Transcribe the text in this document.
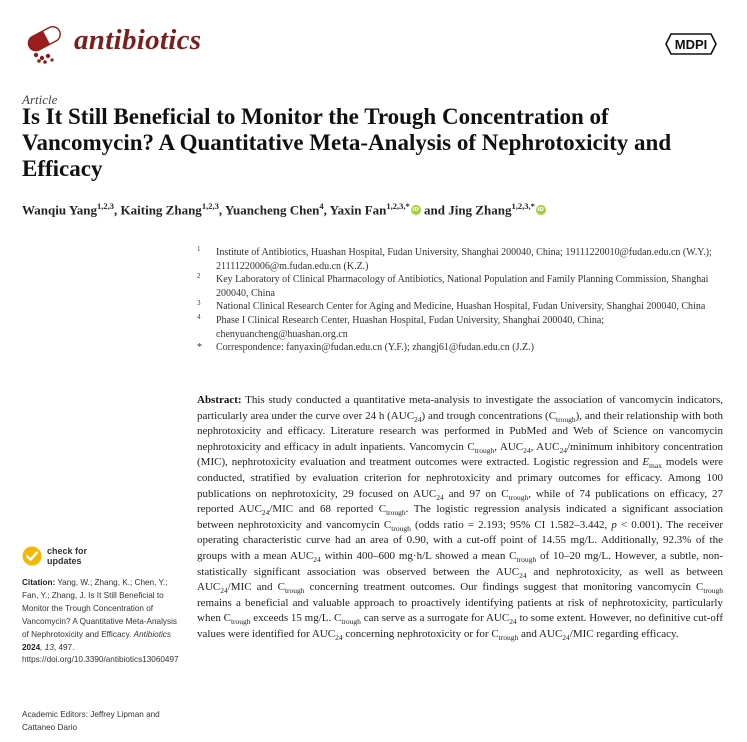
antibiotics	MDPI
Article
Is It Still Beneficial to Monitor the Trough Concentration of Vancomycin? A Quantitative Meta-Analysis of Nephrotoxicity and Efficacy
Wanqiu Yang$^{1,2,3}$, Kaiting Zhang$^{1,2,3}$, Yuancheng Chen$^4$, Yaxin Fan$^{1,2,3,*}$iD and Jing Zhang$^{1,2,3,*}$iD
1 Institute of Antibiotics, Huashan Hospital, Fudan University, Shanghai 200040, China; 19111220010@fudan.edu.cn (W.Y.); 21111220006@m.fudan.edu.cn (K.Z.)
2 Key Laboratory of Clinical Pharmacology of Antibiotics, National Population and Family Planning Commission, Shanghai 200040, China
3 National Clinical Research Center for Aging and Medicine, Huashan Hospital, Fudan University, Shanghai 200040, China
4 Phase I Clinical Research Center, Huashan Hospital, Fudan University, Shanghai 200040, China; chenyuancheng@huashan.org.cn
* Correspondence: fanyaxin@fudan.edu.cn (Y.F.); zhangj61@fudan.edu.cn (J.Z.)
Abstract: This study conducted a quantitative meta-analysis to investigate the association of vancomycin indicators, particularly area under the curve over 24 h $(AUC_{24})$ and trough concentrations $(C_{trough})$, and their relationship with both nephrotoxicity and efficacy. Literature research was performed in PubMed and Web of Science on vancomycin nephrotoxicity and efficacy in adult inpatients. Vancomycin $C_{trough}$, $AUC_{24}$, $AUC_{24}$/minimum inhibitory concentration (MIC), nephrotoxicity evaluation and treatment outcomes were extracted. Logistic regression and $E_{max}$ models were conducted, stratified by evaluation criterion for nephrotoxicity and primary outcomes for efficacy. Among 100 publications on nephrotoxicity, 29 focused on $AUC_{24}$ and 97 on $C_{trough}$, while of 74 publications on efficacy, 27 reported $AUC_{24}$/MIC and 68 reported $C_{trough}$. The logistic regression analysis indicated a significant association between nephrotoxicity and vancomycin $C_{trough}$ (odds ratio = 2.193; 95% CI 1.582–3.442, p < 0.001). The receiver operating characteristic curve had an area of 0.90, with a cut-off point of 14.55 mg/L. Additionally, 92.3% of the groups with a mean $AUC_{24}$ within 400–600 mg·h/L showed a mean $C_{trough}$ of 10–20 mg/L. However, a subtle, non-statistically significant association was observed between the $AUC_{24}$ and nephrotoxicity, as well as between $AUC_{24}$/MIC and $C_{trough}$ concerning treatment outcomes. Our findings suggest that monitoring vancomycin $C_{trough}$ remains a beneficial and valuable approach to proactively identifying patients at risk of nephrotoxicity, particularly when $C_{trough}$ exceeds 15 mg/L. $C_{trough}$ can serve as a surrogate for $AUC_{24}$ to some extent. However, no definitive cut-off values were identified for $AUC_{24}$ concerning nephrotoxicity or for $C_{trough}$ and $AUC_{24}$/MIC regarding efficacy.
check for
updates
Citation: Yang, W.; Zhang, K.; Chen, Y.; Fan, Y.; Zhang, J. Is It Still Beneficial to Monitor the Trough Concentration of Vancomycin? A Quantitative Meta-Analysis of Nephrotoxicity and Efficacy. Antibiotics 2024, 13, 497. https://doi.org/10.3390/antibiotics13060497
Academic Editors: Jeffrey Lipman and Cattaneo Dario
